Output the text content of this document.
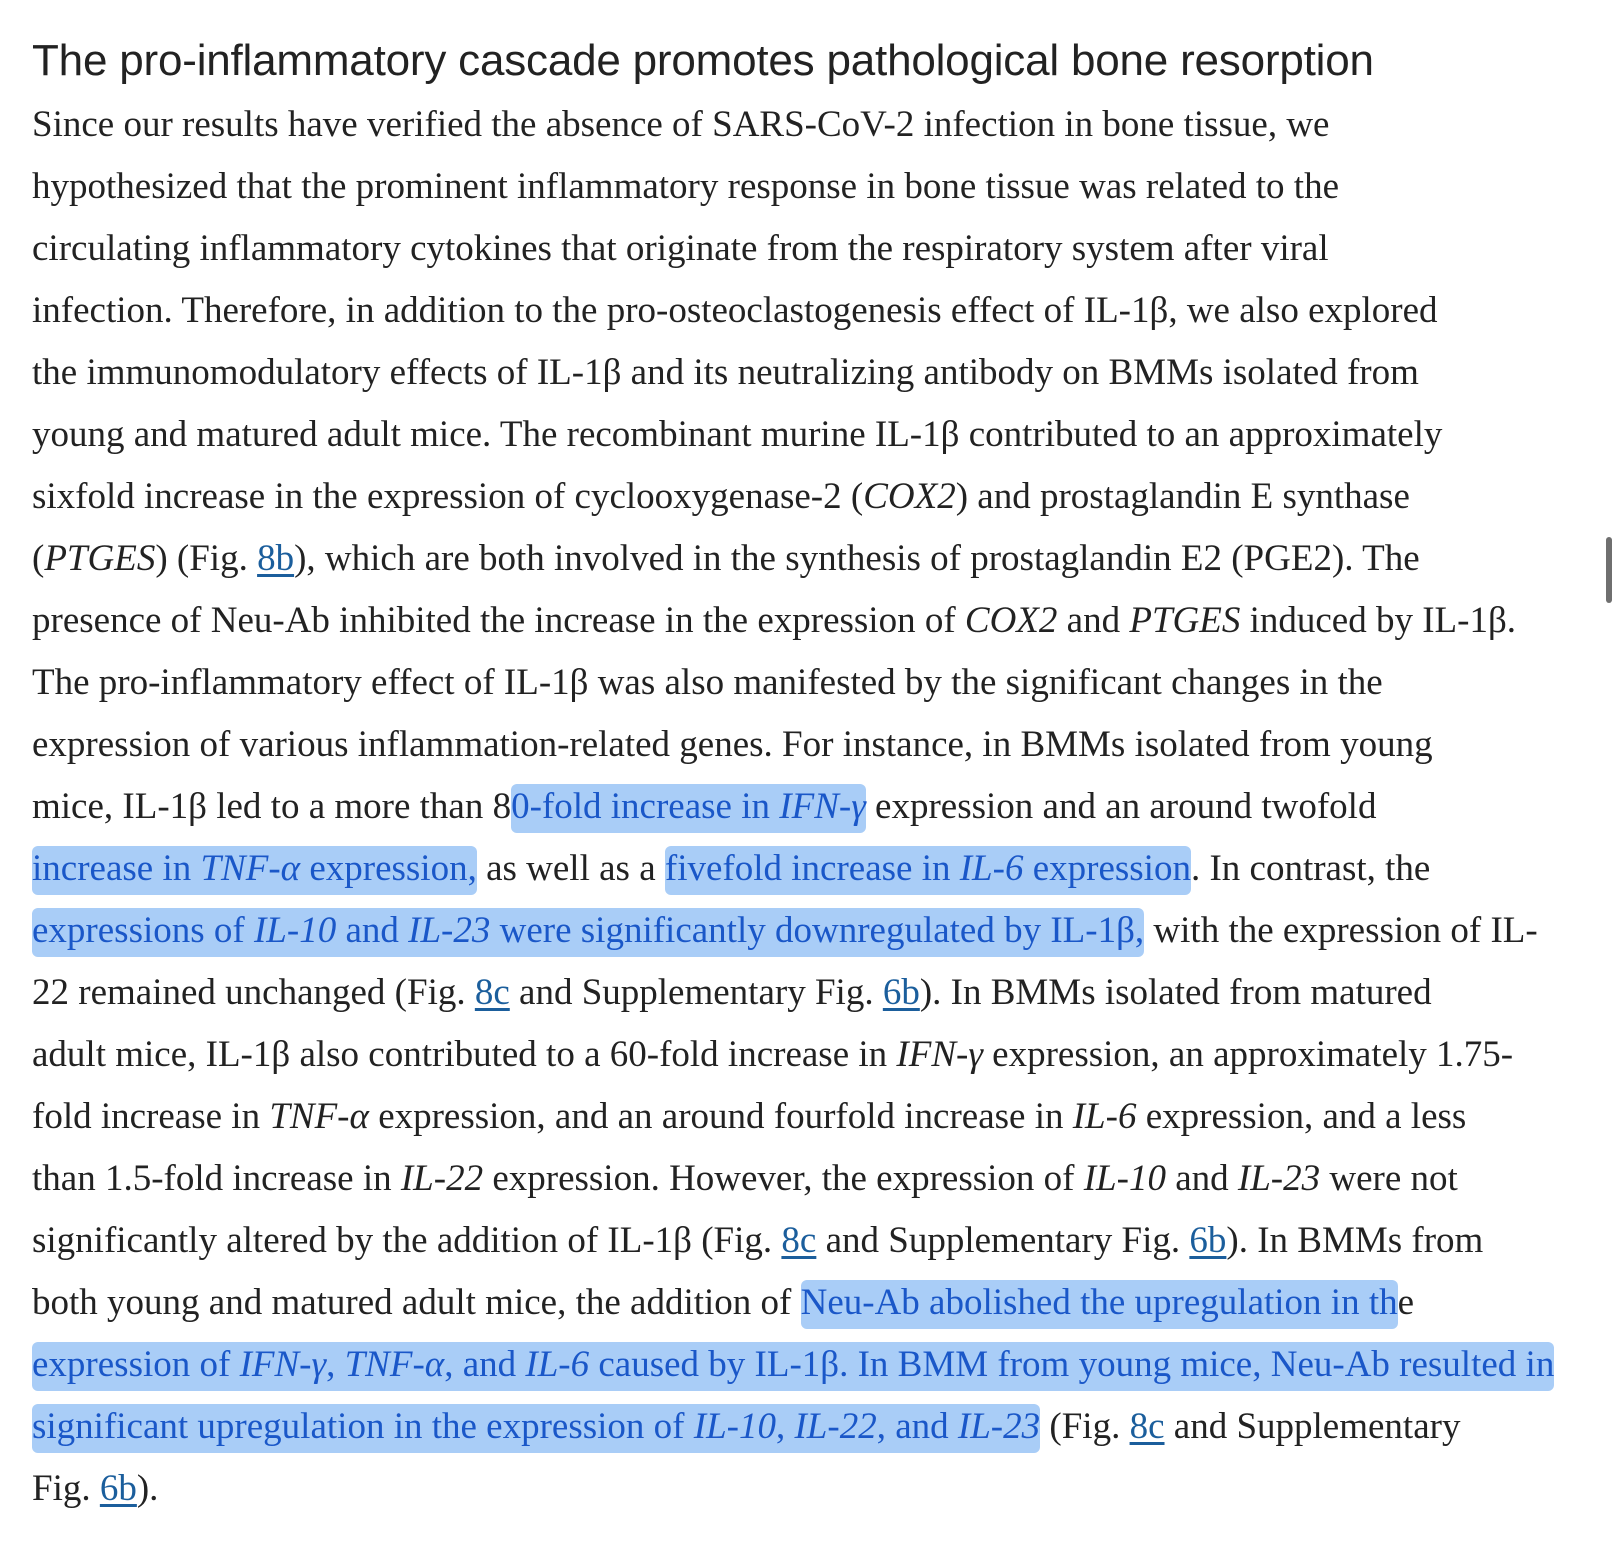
The pro-inflammatory cascade promotes pathological bone resorption

Since our results have verified the absence of SARS-CoV-2 infection in bone tissue, we
hypothesized that the prominent inflammatory response in bone tissue was related to the
circulating inflammatory cytokines that originate from the respiratory system after viral
infection. Therefore, in addition to the pro-osteoclastogenesis effect of IL-1β, we also explored
the immunomodulatory effects of IL-1β and its neutralizing antibody on BMMs isolated from
young and matured adult mice. The recombinant murine IL-1β contributed to an approximately
sixfold increase in the expression of cyclooxygenase-2 (COX2) and prostaglandin E synthase
(PTGES) (Fig. 8b), which are both involved in the synthesis of prostaglandin E2 (PGE2). The
presence of Neu-Ab inhibited the increase in the expression of COX2 and PTGES induced by IL-1β.
The pro-inflammatory effect of IL-1β was also manifested by the significant changes in the
expression of various inflammation-related genes. For instance, in BMMs isolated from young
mice, IL-1β led to a more than 80-fold increase in IFN-γ expression and an around twofold
increase in TNF-α expression, as well as a fivefold increase in IL-6 expression. In contrast, the
expressions of IL-10 and IL-23 were significantly downregulated by IL-1β, with the expression of IL-
22 remained unchanged (Fig. 8c and Supplementary Fig. 6b). In BMMs isolated from matured
adult mice, IL-1β also contributed to a 60-fold increase in IFN-γ expression, an approximately 1.75-
fold increase in TNF-α expression, and an around fourfold increase in IL-6 expression, and a less
than 1.5-fold increase in IL-22 expression. However, the expression of IL-10 and IL-23 were not
significantly altered by the addition of IL-1β (Fig. 8c and Supplementary Fig. 6b). In BMMs from
both young and matured adult mice, the addition of Neu-Ab abolished the upregulation in the
expression of IFN-γ, TNF-α, and IL-6 caused by IL-1β. In BMM from young mice, Neu-Ab resulted in
significant upregulation in the expression of IL-10, IL-22, and IL-23 (Fig. 8c and Supplementary
Fig. 6b).
